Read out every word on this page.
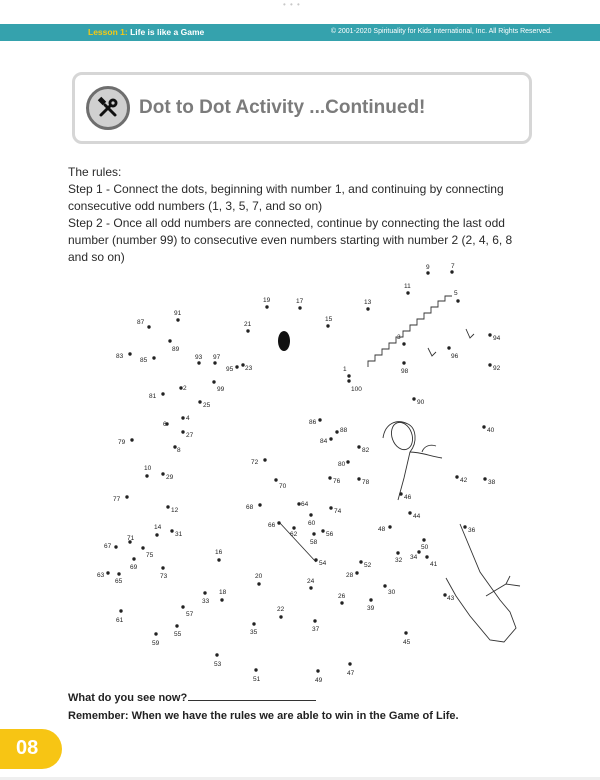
• • •
Lesson 1: Life is like a Game	© 2001-2020 Spirituality for Kids International, Inc. All Rights Reserved.
Dot to Dot Activity ...Continued!
The rules:
Step 1 - Connect the dots, beginning with number 1, and continuing by connecting consecutive odd numbers (1, 3, 5, 7, and so on)
Step 2 - Once all odd numbers are connected, continue by connecting the last odd number (number 99) to consecutive even numbers starting with number 2 (2, 4, 6, 8 and so on)
1
2
3
4
5
6
7
8
9
10
11
12
13
14
15
16
17
18
19
20
21
22
23
24
25
26
27
28
29
30
31
32
33
34
35
36
37
38
39
40
41
42
43
44
45
46
47
48
49
50
51
52
53
54
55
56
57
58
59
60
61
62
63
64
65
66
67
68
69
70
71
72
73
74
75
76
77
78
79
80
81
82
83
84
85
86
87
88
89
90
91
92
93
94
95
96
97
98
99	100
What do you see now?
Remember: When we have the rules we are able to win in the Game of Life.
08
